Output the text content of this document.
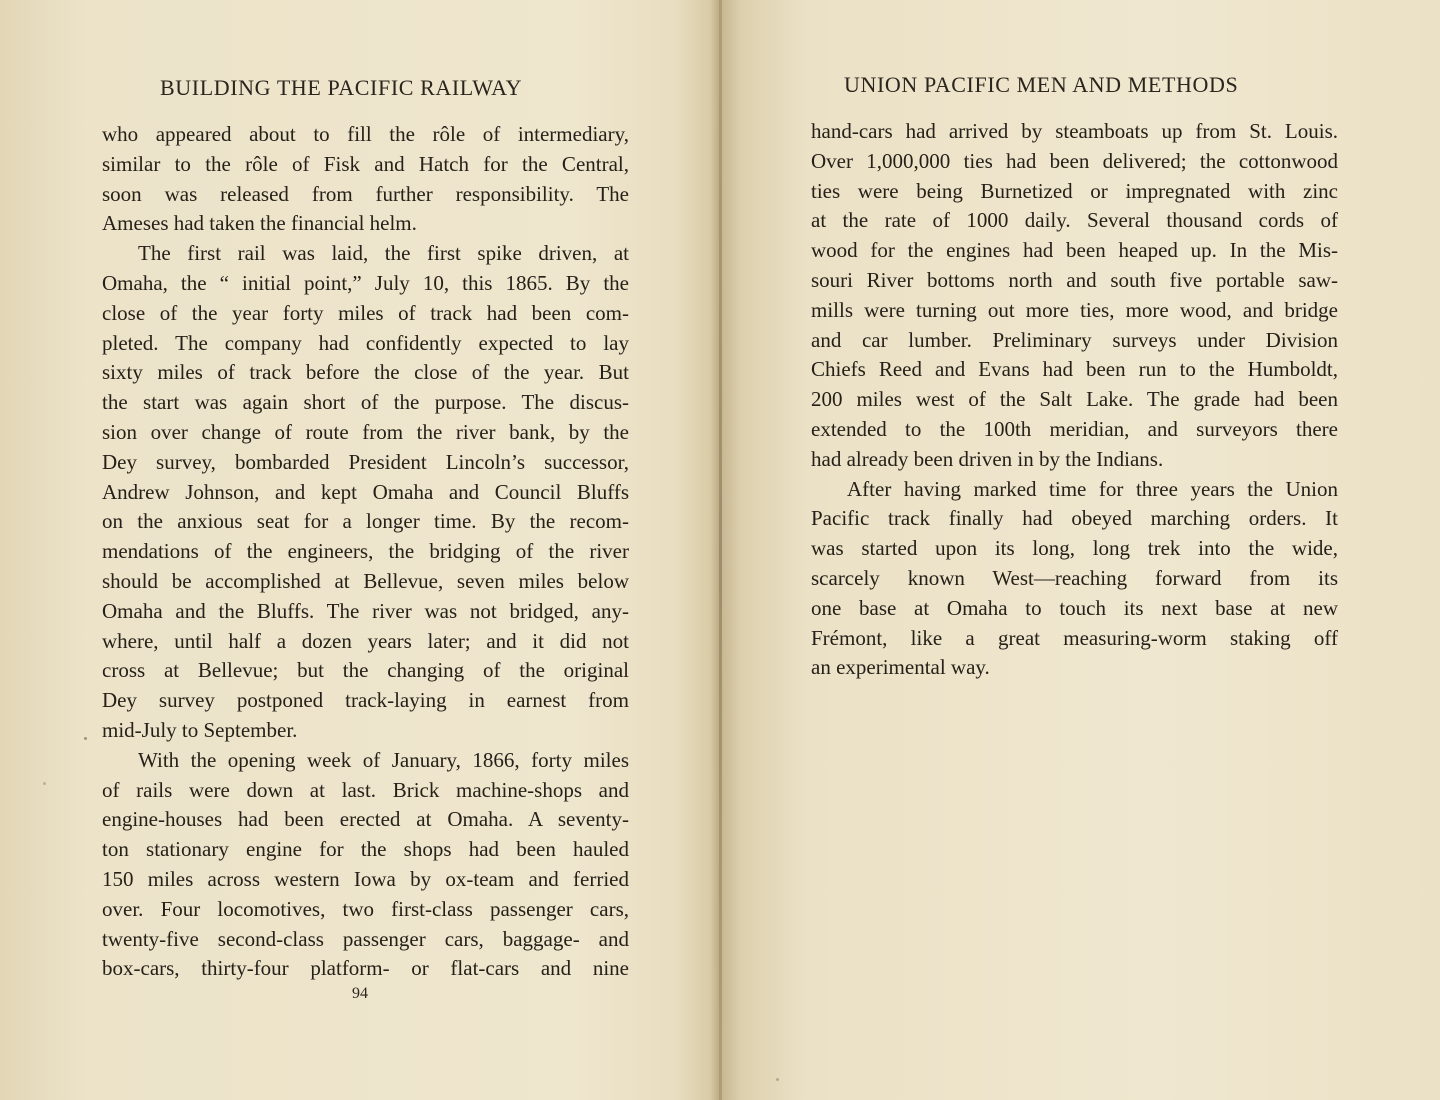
BUILDING THE PACIFIC RAILWAY
who appeared about to fill the rôle of intermediary,
similar to the rôle of Fisk and Hatch for the Central,
soon was released from further responsibility. The
Ameses had taken the financial helm.
The first rail was laid, the first spike driven, at
Omaha, the “ initial point,” July 10, this 1865. By the
close of the year forty miles of track had been com-
pleted. The company had confidently expected to lay
sixty miles of track before the close of the year. But
the start was again short of the purpose. The discus-
sion over change of route from the river bank, by the
Dey survey, bombarded President Lincoln’s successor,
Andrew Johnson, and kept Omaha and Council Bluffs
on the anxious seat for a longer time. By the recom-
mendations of the engineers, the bridging of the river
should be accomplished at Bellevue, seven miles below
Omaha and the Bluffs. The river was not bridged, any-
where, until half a dozen years later; and it did not
cross at Bellevue; but the changing of the original
Dey survey postponed track-laying in earnest from
mid-July to September.
With the opening week of January, 1866, forty miles
of rails were down at last. Brick machine-shops and
engine-houses had been erected at Omaha. A seventy-
ton stationary engine for the shops had been hauled
150 miles across western Iowa by ox-team and ferried
over. Four locomotives, two first-class passenger cars,
twenty-five second-class passenger cars, baggage- and
box-cars, thirty-four platform- or flat-cars and nine
94
UNION PACIFIC MEN AND METHODS
hand-cars had arrived by steamboats up from St. Louis.
Over 1,000,000 ties had been delivered; the cottonwood
ties were being Burnetized or impregnated with zinc
at the rate of 1000 daily. Several thousand cords of
wood for the engines had been heaped up. In the Mis-
souri River bottoms north and south five portable saw-
mills were turning out more ties, more wood, and bridge
and car lumber. Preliminary surveys under Division
Chiefs Reed and Evans had been run to the Humboldt,
200 miles west of the Salt Lake. The grade had been
extended to the 100th meridian, and surveyors there
had already been driven in by the Indians.
After having marked time for three years the Union
Pacific track finally had obeyed marching orders. It
was started upon its long, long trek into the wide,
scarcely known West—reaching forward from its
one base at Omaha to touch its next base at new
Frémont, like a great measuring-worm staking off
an experimental way.
